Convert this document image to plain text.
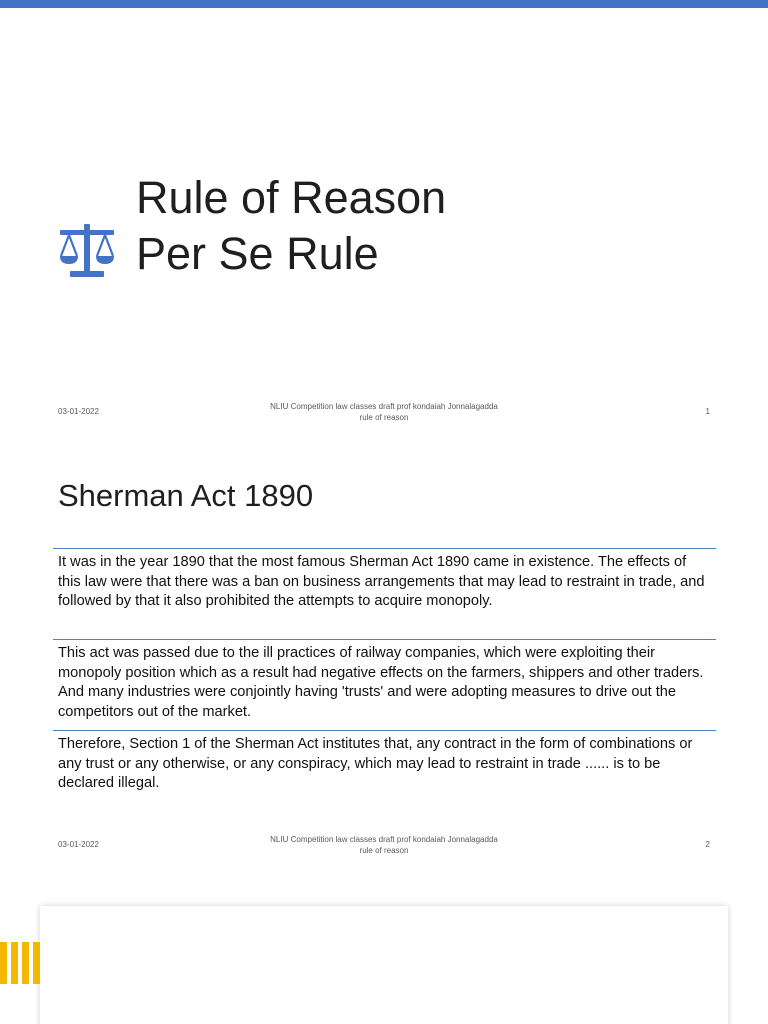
Rule of Reason
Per Se Rule
03-01-2022
NLIU Competition law classes draft prof kondaiah Jonnalagadda
rule of reason
1
Sherman Act 1890
It was in the year 1890 that the most famous Sherman Act 1890 came in existence. The effects of this law were that there was a ban on business arrangements that may lead to restraint in trade, and followed by that it also prohibited the attempts to acquire monopoly.
This act was passed due to the ill practices of railway companies, which were exploiting their monopoly position which as a result had negative effects on the farmers, shippers and other traders. And many industries were conjointly having 'trusts' and were adopting measures to drive out the competitors out of the market.
Therefore, Section 1 of the Sherman Act institutes that, any contract in the form of combinations or any trust or any otherwise, or any conspiracy, which may lead to restraint in trade ...... is to be declared illegal.
03-01-2022
NLIU Competition law classes draft prof kondaiah Jonnalagadda
rule of reason
2
